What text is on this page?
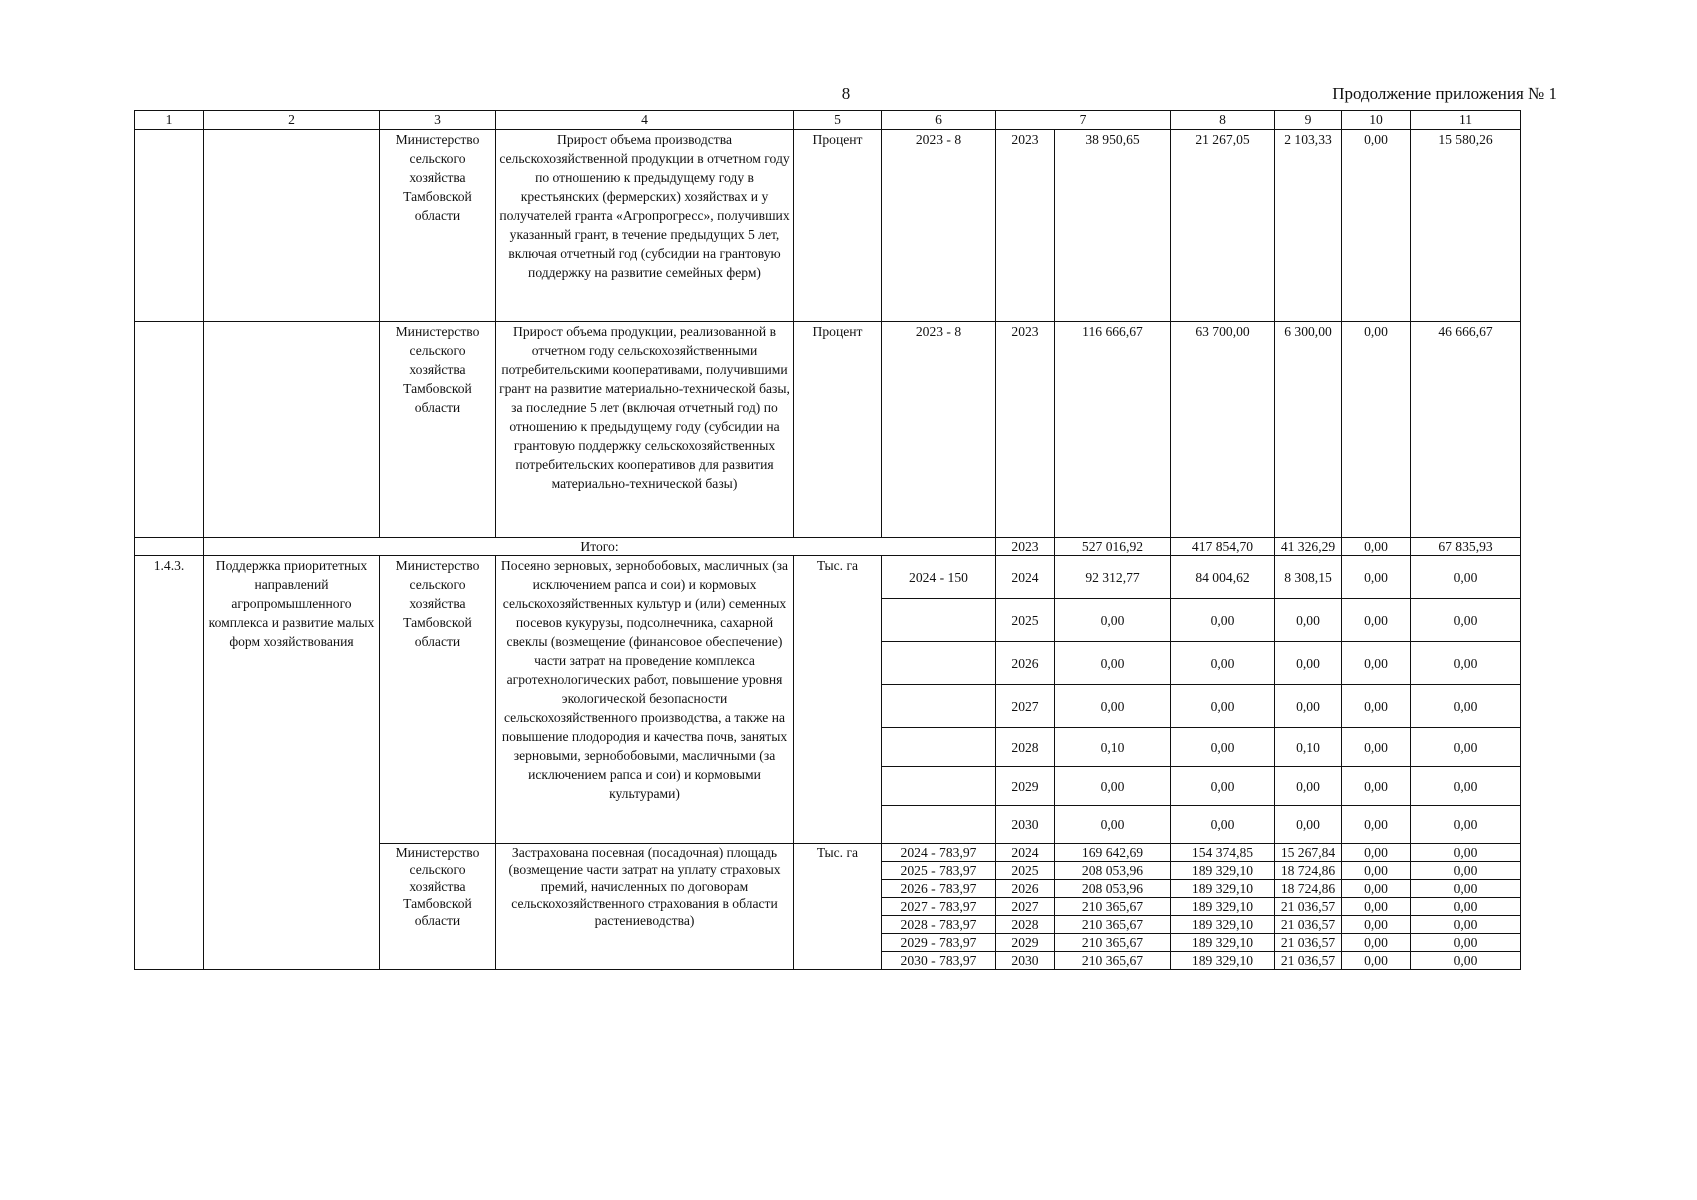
8	Продолжение приложения № 1
1	2	3	4	5	6	7		8	9	10	11
		Министерство сельского хозяйства Тамбовской области	Прирост объема производства сельскохозяйственной продукции в отчетном году по отношению к предыдущему году в крестьянских (фермерских) хозяйствах и у получателей гранта «Агропрогресс», получивших указанный грант, в течение предыдущих 5 лет, включая отчетный год (субсидии на грантовую поддержку на развитие семейных ферм)	Процент	2023 - 8	2023	38 950,65	21 267,05	2 103,33	0,00	15 580,26
		Министерство сельского хозяйства Тамбовской области	Прирост объема продукции, реализованной в отчетном году сельскохозяйственными потребительскими кооперативами, получившими грант на развитие материально-технической базы, за последние 5 лет (включая отчетный год) по отношению к предыдущему году (субсидии на грантовую поддержку сельскохозяйственных потребительских кооперативов для развития материально-технической базы)	Процент	2023 - 8	2023	116 666,67	63 700,00	6 300,00	0,00	46 666,67
	Итого:					2023	527 016,92	417 854,70	41 326,29	0,00	67 835,93
1.4.3.	Поддержка приоритетных направлений агропромышленного комплекса и развитие малых форм хозяйствования	Министерство сельского хозяйства Тамбовской области	Посеяно зерновых, зернобобовых, масличных (за исключением рапса и сои) и кормовых сельскохозяйственных культур и (или) семенных посевов кукурузы, подсолнечника, сахарной свеклы (возмещение (финансовое обеспечение) части затрат на проведение комплекса агротехнологических работ, повышение уровня экологической безопасности сельскохозяйственного производства, а также на повышение плодородия и качества почв, занятых зерновыми, зернобобовыми, масличными (за исключением рапса и сои) и кормовыми культурами)	Тыс. га	2024 - 150	2024	92 312,77	84 004,62	8 308,15	0,00	0,00
						2025	0,00	0,00	0,00	0,00	0,00
						2026	0,00	0,00	0,00	0,00	0,00
						2027	0,00	0,00	0,00	0,00	0,00
						2028	0,10	0,00	0,10	0,00	0,00
						2029	0,00	0,00	0,00	0,00	0,00
						2030	0,00	0,00	0,00	0,00	0,00
		Министерство сельского хозяйства Тамбовской области	Застрахована посевная (посадочная) площадь (возмещение части затрат на уплату страховых премий, начисленных по договорам сельскохозяйственного страхования в области растениеводства)	Тыс. га	2024 - 783,97	2024	169 642,69	154 374,85	15 267,84	0,00	0,00
					2025 - 783,97	2025	208 053,96	189 329,10	18 724,86	0,00	0,00
					2026 - 783,97	2026	208 053,96	189 329,10	18 724,86	0,00	0,00
					2027 - 783,97	2027	210 365,67	189 329,10	21 036,57	0,00	0,00
					2028 - 783,97	2028	210 365,67	189 329,10	21 036,57	0,00	0,00
					2029 - 783,97	2029	210 365,67	189 329,10	21 036,57	0,00	0,00
					2030 - 783,97	2030	210 365,67	189 329,10	21 036,57	0,00	0,00
